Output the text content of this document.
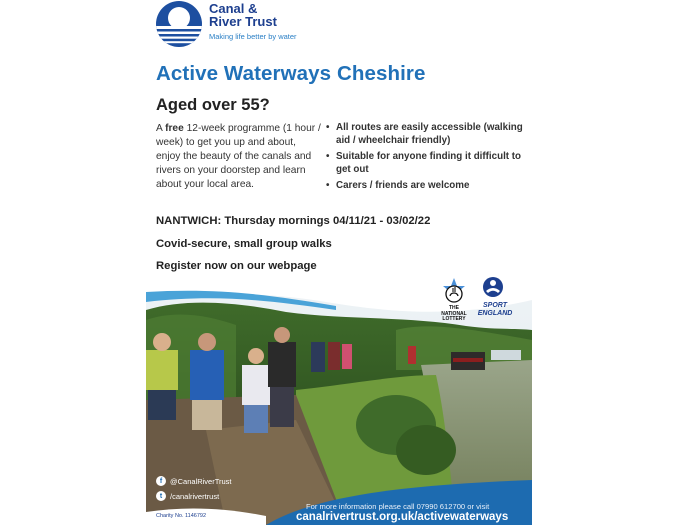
Canal &
River Trust
Making life better by water
Active Waterways Cheshire
Aged over 55?
A free 12-week programme (1 hour / week) to get you up and about, enjoy the beauty of the canals and rivers on your doorstep and learn about your local area.
• All routes are easily accessible (walking aid / wheelchair friendly)
• Suitable for anyone finding it difficult to get out
• Carers / friends are welcome
NANTWICH: Thursday mornings 04/11/21 - 03/02/22
Covid-secure, small group walks
Register now on our webpage
THE
NATIONAL
LOTTERY
SPORT
ENGLAND
f	@CanalRiverTrust
t	/canalrivertrust
Charity No. 1146792
For more information please call 07990 612700 or visit
canalrivertrust.org.uk/activewaterways
